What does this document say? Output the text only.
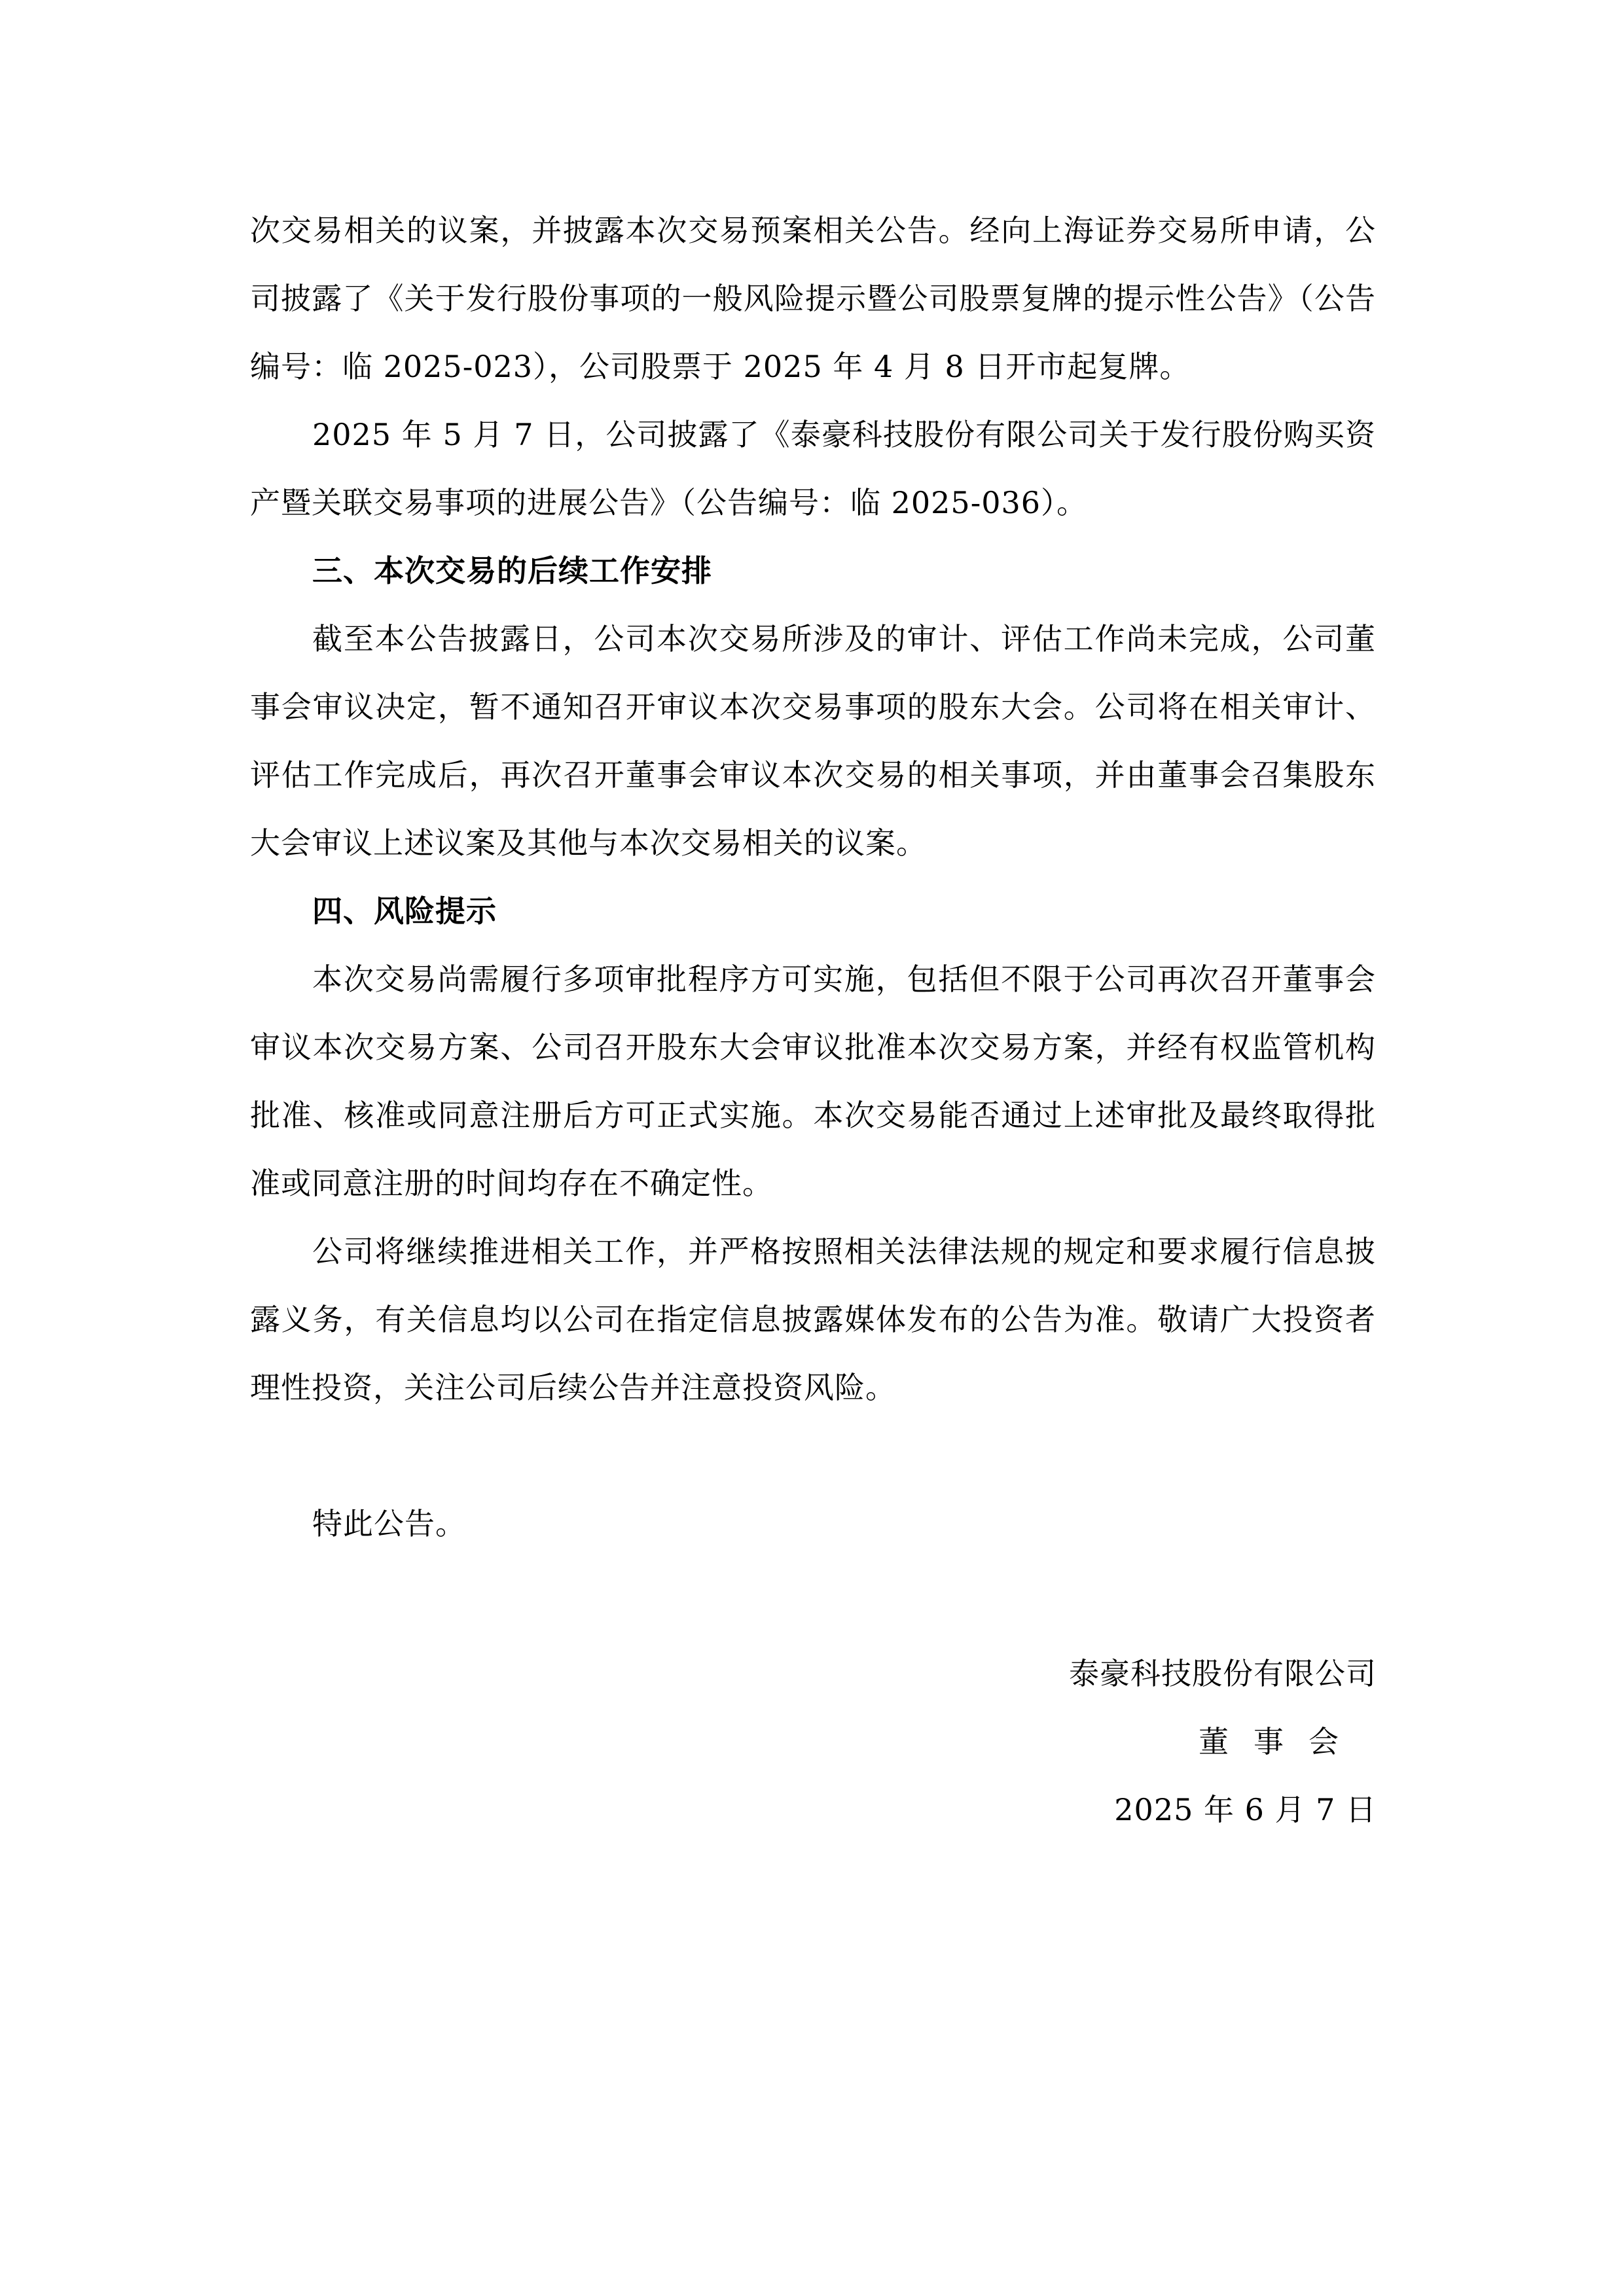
次交易相关的议案，并披露本次交易预案相关公告。经向上海证券交易所申请，公司披露了《关于发行股份事项的一般风险提示暨公司股票复牌的提示性公告》（公告编号：临 2025-023），公司股票于 2025 年 4 月 8 日开市起复牌。

2025 年 5 月 7 日，公司披露了《泰豪科技股份有限公司关于发行股份购买资产暨关联交易事项的进展公告》（公告编号：临 2025-036）。

三、本次交易的后续工作安排

截至本公告披露日，公司本次交易所涉及的审计、评估工作尚未完成，公司董事会审议决定，暂不通知召开审议本次交易事项的股东大会。公司将在相关审计、评估工作完成后，再次召开董事会审议本次交易的相关事项，并由董事会召集股东大会审议上述议案及其他与本次交易相关的议案。

四、风险提示

本次交易尚需履行多项审批程序方可实施，包括但不限于公司再次召开董事会审议本次交易方案、公司召开股东大会审议批准本次交易方案，并经有权监管机构批准、核准或同意注册后方可正式实施。本次交易能否通过上述审批及最终取得批准或同意注册的时间均存在不确定性。

公司将继续推进相关工作，并严格按照相关法律法规的规定和要求履行信息披露义务，有关信息均以公司在指定信息披露媒体发布的公告为准。敬请广大投资者理性投资，关注公司后续公告并注意投资风险。

特此公告。

泰豪科技股份有限公司
董事会
2025 年 6 月 7 日
